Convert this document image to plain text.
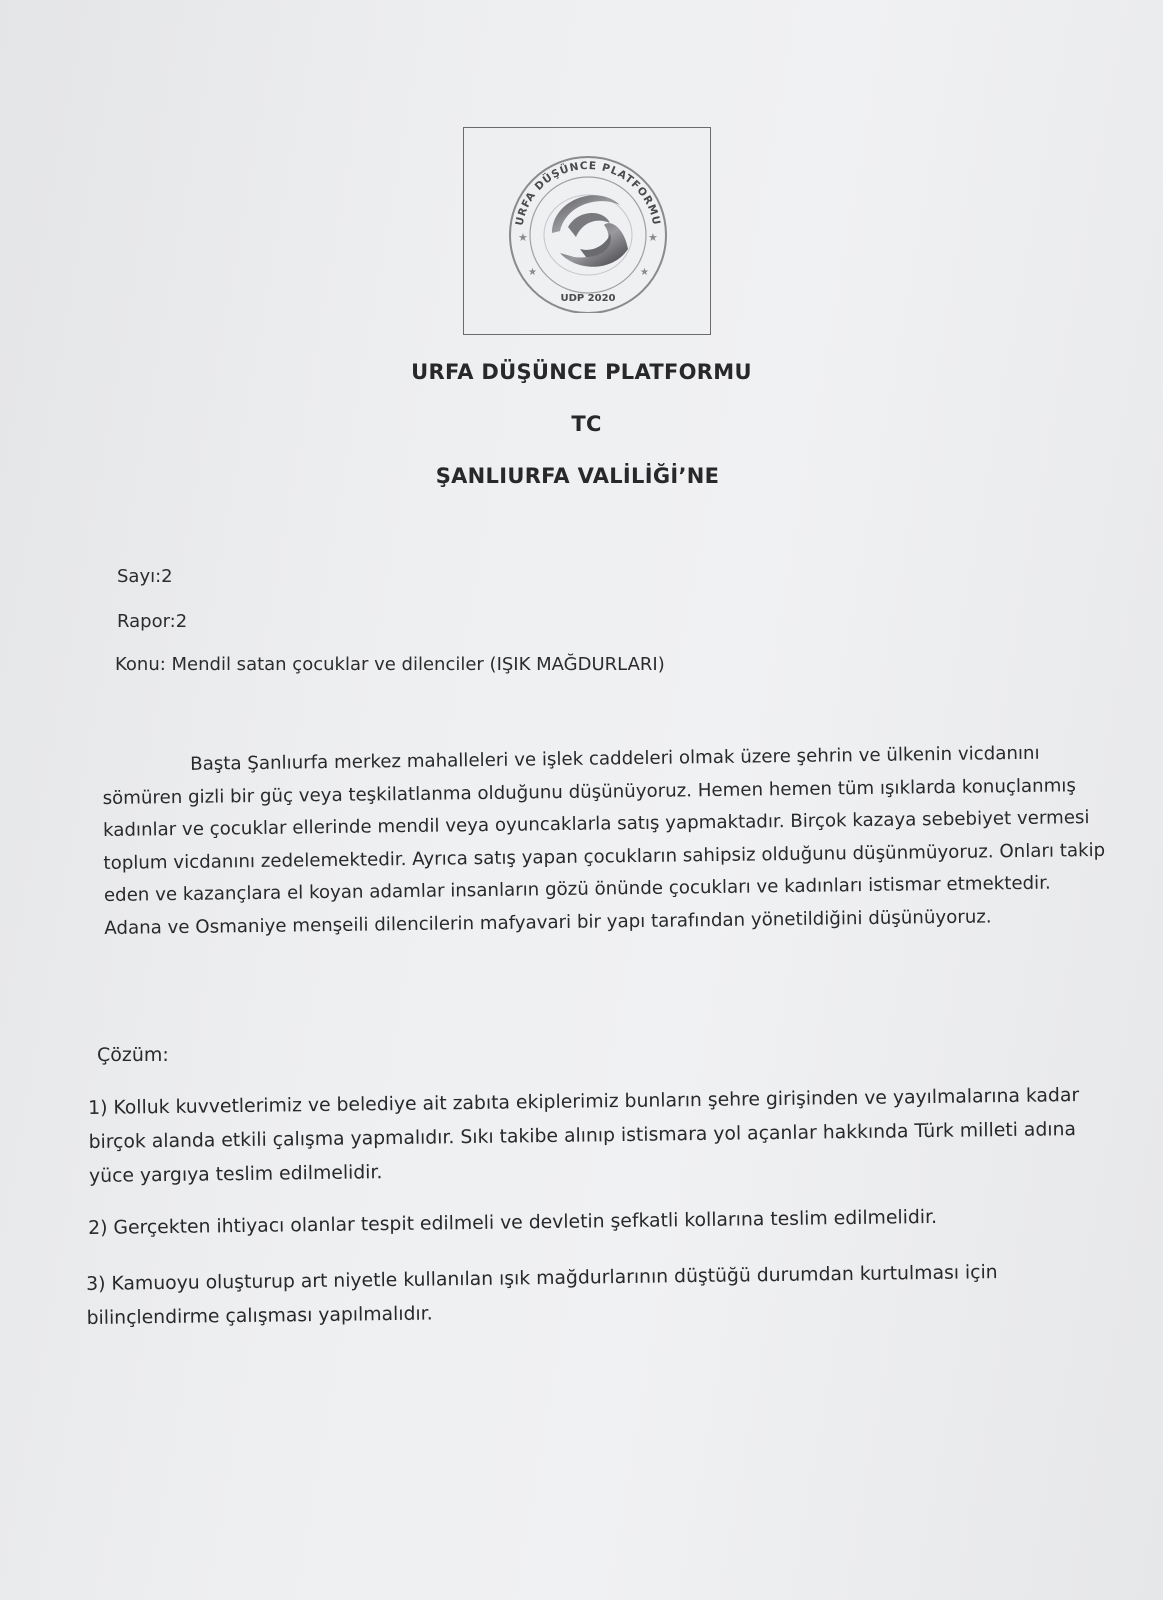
URFA DÜŞÜNCE PLATFORMU
★	★
★	★
UDP 2020
URFA DÜŞÜNCE PLATFORMU
TC
ŞANLIURFA VALİLİĞİ’NE
Sayı:2
Rapor:2
Konu: Mendil satan çocuklar ve dilenciler (IŞIK MAĞDURLARI)
Başta Şanlıurfa merkez mahalleleri ve işlek caddeleri olmak üzere şehrin ve ülkenin vicdanını sömüren gizli bir güç veya teşkilatlanma olduğunu düşünüyoruz. Hemen hemen tüm ışıklarda konuçlanmış kadınlar ve çocuklar ellerinde mendil veya oyuncaklarla satış yapmaktadır. Birçok kazaya sebebiyet vermesi toplum vicdanını zedelemektedir. Ayrıca satış yapan çocukların sahipsiz olduğunu düşünmüyoruz. Onları takip eden ve kazançlara el koyan adamlar insanların gözü önünde çocukları ve kadınları istismar etmektedir. Adana ve Osmaniye menşeili dilencilerin mafyavari bir yapı tarafından yönetildiğini düşünüyoruz.
Çözüm:
1) Kolluk kuvvetlerimiz ve belediye ait zabıta ekiplerimiz bunların şehre girişinden ve yayılmalarına kadar birçok alanda etkili çalışma yapmalıdır. Sıkı takibe alınıp istismara yol açanlar hakkında Türk milleti adına yüce yargıya teslim edilmelidir.
2) Gerçekten ihtiyacı olanlar tespit edilmeli ve devletin şefkatli kollarına teslim edilmelidir.
3) Kamuoyu oluşturup art niyetle kullanılan ışık mağdurlarının düştüğü durumdan kurtulması için bilinçlendirme çalışması yapılmalıdır.
